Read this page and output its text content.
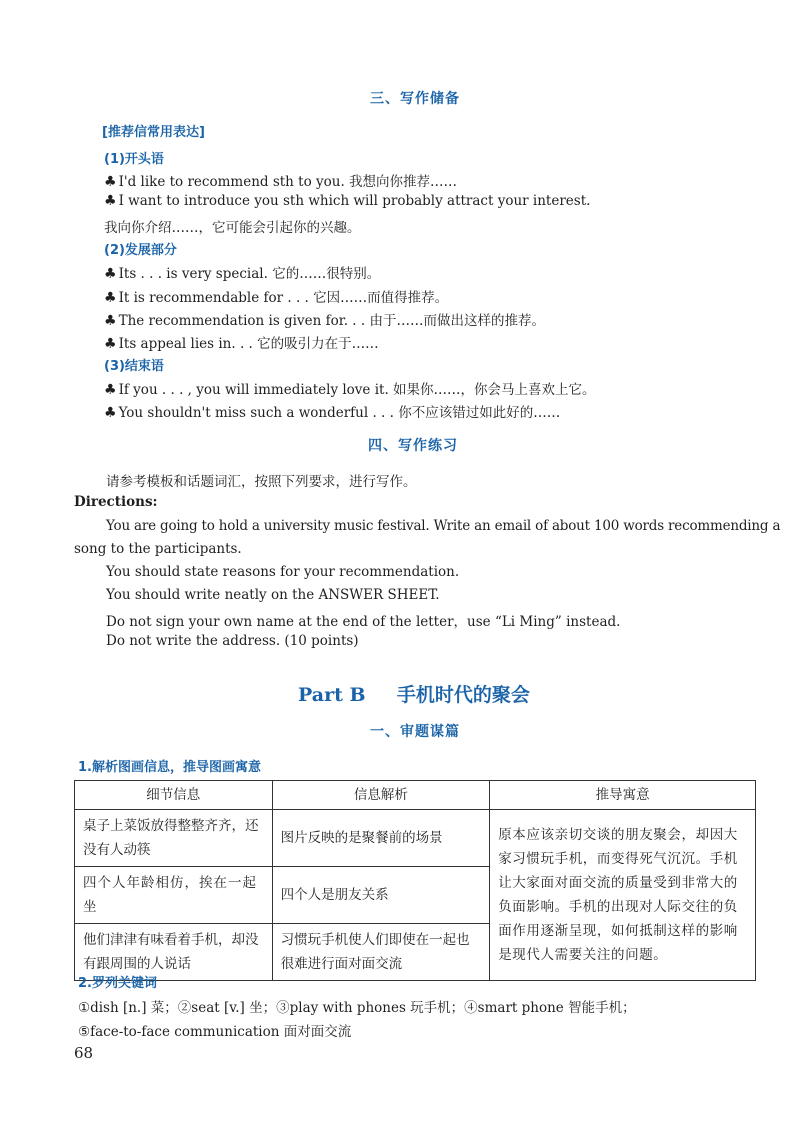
三、写作储备
[推荐信常用表达]
(1)开头语
♣ I'd like to recommend sth to you. 我想向你推荐……
♣ I want to introduce you sth which will probably attract your interest.
我向你介绍……，它可能会引起你的兴趣。
(2)发展部分
♣ Its . . . is very special. 它的……很特别。
♣ It is recommendable for . . . 它因……而值得推荐。
♣ The recommendation is given for. . . 由于……而做出这样的推荐。
♣ Its appeal lies in. . . 它的吸引力在于……
(3)结束语
♣ If you . . . , you will immediately love it. 如果你……，你会马上喜欢上它。
♣ You shouldn't miss such a wonderful . . . 你不应该错过如此好的……
四、写作练习
请参考模板和话题词汇，按照下列要求，进行写作。
Directions:
You are going to hold a university music festival. Write an email of about 100 words recommending a
song to the participants.
You should state reasons for your recommendation.
You should write neatly on the ANSWER SHEET.
Do not sign your own name at the end of the letter，use “Li Ming” instead.
Do not write the address. (10 points)
Part B 手机时代的聚会
一、审题谋篇
1.解析图画信息，推导图画寓意
细节信息	信息解析	推导寓意
桌子上菜饭放得整整齐齐，还没有人动筷	图片反映的是聚餐前的场景	原本应该亲切交谈的朋友聚会，却因大家习惯玩手机，而变得死气沉沉。手机让大家面对面交流的质量受到非常大的负面影响。手机的出现对人际交往的负面作用逐渐呈现，如何抵制这样的影响是现代人需要关注的问题。
四个人年龄相仿，挨在一起坐	四个人是朋友关系	
他们津津有味看着手机，却没有跟周围的人说话	习惯玩手机使人们即使在一起也很难进行面对面交流	
2.罗列关键词
①dish [n.] 菜；②seat [v.] 坐；③play with phones 玩手机；④smart phone 智能手机；
⑤face-to-face communication 面对面交流
68
